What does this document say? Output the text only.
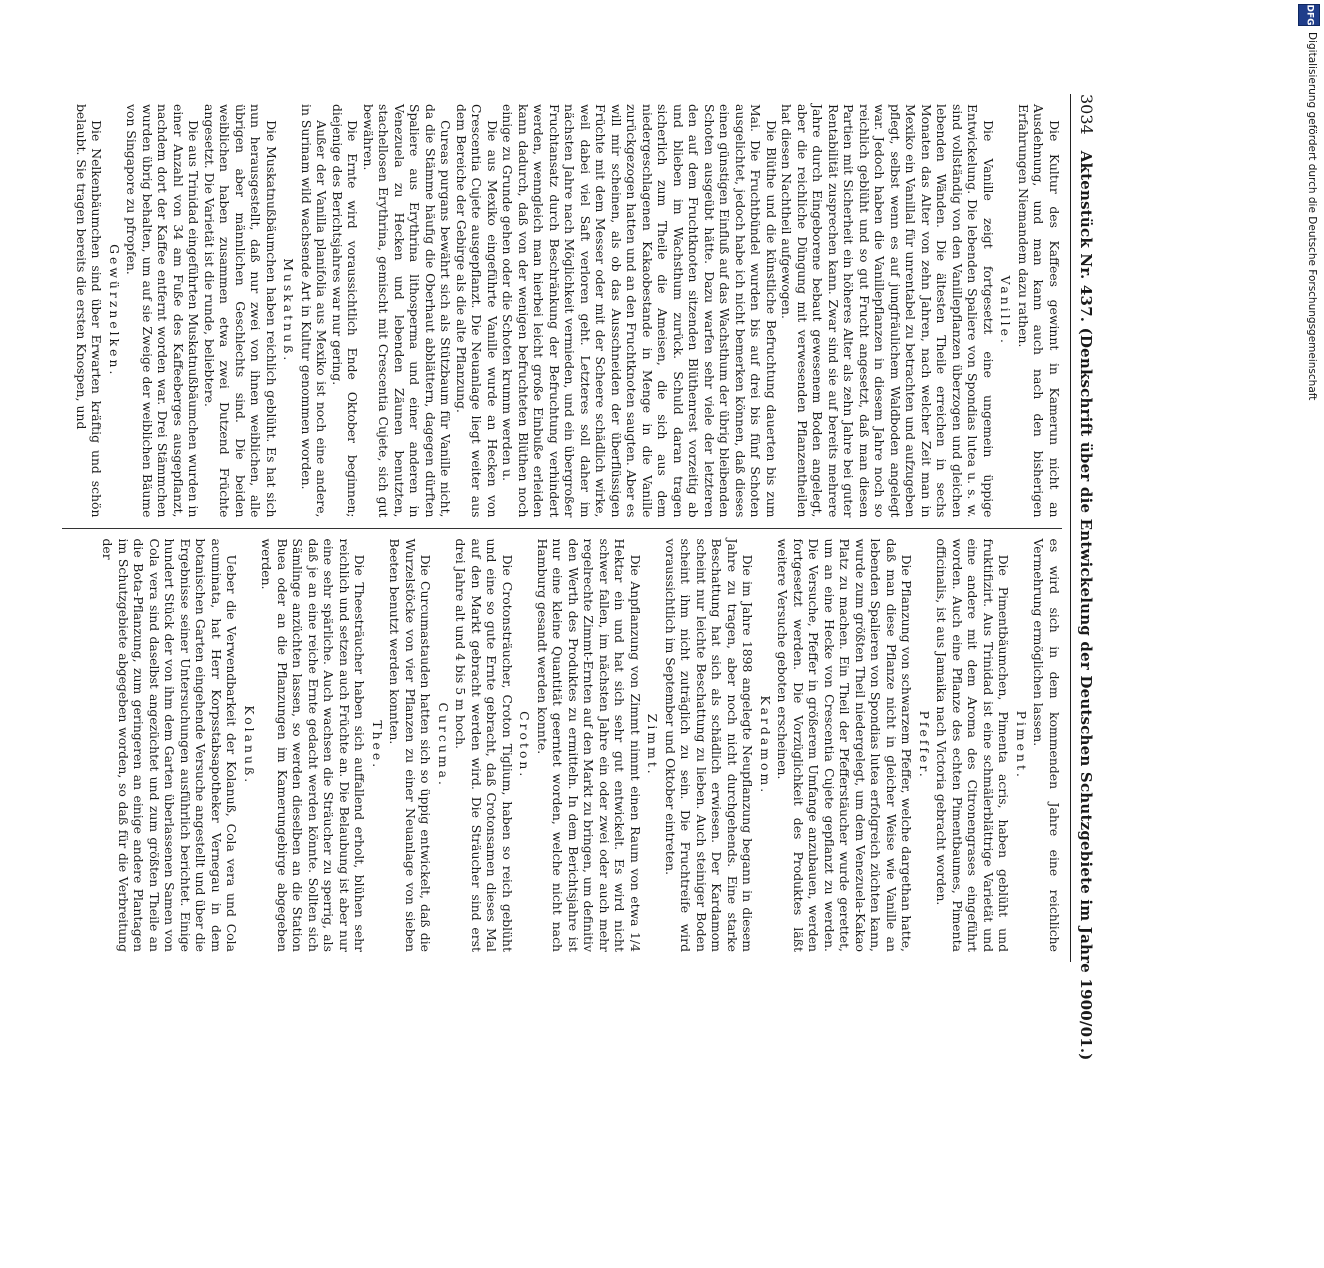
3034
Aktenstück Nr. 437. (Denkschrift über die Entwickelung der Deutschen Schutzgebiete im Jahre 1900/01.)

Die Kultur des Kaffees gewinnt in Kamerun nicht an Ausdehnung, und man kann auch nach den bisherigen Erfahrungen Niemandem dazu rathen.

Vanille.

Die Vanille zeigt fortgesetzt eine ungemein üppige Entwickelung. Die lebenden Spaliere von Spondias lutea u. s. w. sind vollständig von den Vanillepflanzen überzogen und gleichen lebenden Wänden. Die ältesten Theile erreichen in sechs Monaten das Alter von zehn Jahren, nach welcher Zeit man in Mexiko ein Vanillal für unrentabel zu betrachten und aufzugeben pflegt, selbst wenn es auf jungfräulichem Waldboden angelegt war. Jedoch haben die Vanillepflanzen in diesem Jahre noch so reichlich geblüht und so gut Frucht angesetzt, daß man diesen Partien mit Sicherheit ein höheres Alter als zehn Jahre bei guter Rentabilität zusprechen kann. Zwar sind sie auf bereits mehrere Jahre durch Eingeborene bebaut gewesenem Boden angelegt, aber die reichliche Düngung mit verwesenden Pflanzentheilen hat diesen Nachtheil aufgewogen.

Die Blüthe und die künstliche Befruchtung dauerten bis zum Mai. Die Fruchtbündel wurden bis auf drei bis fünf Schoten ausgelichtet, jedoch habe ich nicht bemerken können, daß dieses einen günstigen Einfluß auf das Wachsthum der übrig bleibenden Schoten ausgeübt hätte. Dazu warfen sehr viele der letzteren den auf dem Fruchtknoten sitzenden Blüthenrest vorzeitig ab und blieben im Wachsthum zurück. Schuld daran tragen sicherlich zum Theile die Ameisen, die sich aus dem niedergeschlagenen Kakaobestande in Menge in die Vanille zurückgezogen hatten und an den Fruchtknoten saugten. Aber es will mir scheinen, als ob das Ausschneiden der überflüssigen Früchte mit dem Messer oder mit der Scheere schädlich wirke, weil dabei viel Saft verloren geht. Letzteres soll daher im nächsten Jahre nach Möglichkeit vermieden, und ein übergroßer Fruchtansatz durch Beschränkung der Befruchtung verhindert werden, wenngleich man hierbei leicht große Einbuße erleiden kann dadurch, daß von der wenigen befruchteten Blüthen noch einige zu Grunde gehen oder die Schoten krumm werden u.

Die aus Mexiko eingeführte Vanille wurde an Hecken von Crescentia Cujete ausgepflanzt. Die Neuanlage liegt weiter aus dem Bereiche der Gebirge als die alte Pflanzung.

Cureas purgans bewährt sich als Stützbaum für Vanille nicht, da die Stämme häufig die Oberhaut abblättern, dagegen dürften Spaliere aus Erythrina lithosperma und einer anderen in Venezuela zu Hecken und lebenden Zäunen benutzten, stachellosen Erythrina, gemischt mit Crescentia Cujete, sich gut bewähren.

Die Ernte wird voraussichtlich Ende Oktober beginnen; diejenige des Berichtsjahres war nur gering.

Außer der Vanilla planifolia aus Mexiko ist noch eine andere, in Surinam wild wachsende Art in Kultur genommen worden.

Muskatnuß.

Die Muskatnußbäumchen haben reichlich geblüht. Es hat sich nun herausgestellt, daß nur zwei von ihnen weiblichen, alle übrigen aber männlichen Geschlechts sind. Die beiden weiblichen haben zusammen etwa zwei Dutzend Früchte angesetzt. Die Varietät ist die runde, beliebtere.

Die aus Trinidad eingeführten Muskatnußbäumchen wurden in einer Anzahl von 34 am Fuße des Kaffeeberges ausgepflanzt, nachdem dort der Kaffee entfernt worden war. Drei Stämmchen wurden übrig behalten, um auf sie Zweige der weiblichen Bäume von Singapore zu pfropfen.

Gewürznelken.

Die Nelkenbäumchen sind über Erwarten kräftig und schön belaubt. Sie tragen bereits die ersten Knospen, und

es wird sich in dem kommenden Jahre eine reichliche Vermehrung ermöglichen lassen.

Piment.

Die Pimentbäumchen, Pimenta acris, haben geblüht und fruktifizirt. Aus Trinidad ist eine schmälerblättrige Varietät und eine andere mit dem Aroma des Citronengrases eingeführt worden. Auch eine Pflanze des echten Pimentbaumes, Pimenta officinalis, ist aus Jamaika nach Victoria gebracht worden.

Pfeffer.

Die Pflanzung von schwarzem Pfeffer, welche dargethan hatte, daß man diese Pflanze nicht in gleicher Weise wie Vanille an lebenden Spalieren von Spondias lutea erfolgreich züchten kann, wurde zum größten Theil niedergelegt, um dem Venezuela-Kakao Platz zu machen. Ein Theil der Pfefferstäucher wurde gerettet, um an eine Hecke von Crescentia Cujete gepflanzt zu werden. Die Versuche, Pfeffer in größerem Umfange anzubauen, werden fortgesetzt werden. Die Vorzüglichkeit des Produktes läßt weitere Versuche geboten erscheinen.

Kardamom.

Die im Jahre 1898 angelegte Neupflanzung begann in diesem Jahre zu tragen, aber noch nicht durchgehends. Eine starke Beschattung hat sich als schädlich erwiesen. Der Kardamom scheint nur leichte Beschattung zu lieben. Auch steiniger Boden scheint ihm nicht zuträglich zu sein. Die Fruchtreife wird voraussichtlich im September und Oktober eintreten.

Zimmt.

Die Anpflanzung von Zimmt nimmt einen Raum von etwa 1/4 Hektar ein und hat sich sehr gut entwickelt. Es wird nicht schwer fallen, im nächsten Jahre ein oder zwei oder auch mehr regelrechte Zimmt-Ernten auf den Markt zu bringen, um definitiv den Werth des Produktes zu ermitteln. In dem Berichtsjahre ist nur eine kleine Quantität geerntet worden, welche nicht nach Hamburg gesandt werden konnte.

Croton.

Die Crotonsträucher, Croton Tiglium, haben so reich geblüht und eine so gute Ernte gebracht, daß Crotonsamen dieses Mal auf den Markt gebracht werden wird. Die Sträucher sind erst drei Jahre alt und 4 bis 5 m hoch.

Curcuma.

Die Curcumastauden hatten sich so üppig entwickelt, daß die Wurzelstöcke von vier Pflanzen zu einer Neuanlage von sieben Beeten benutzt werden konnten.

Thee.

Die Theesträucher haben sich auffallend erholt, blühen sehr reichlich und setzen auch Früchte an. Die Belaubung ist aber nur eine sehr spärliche. Auch wachsen die Sträucher zu sperrig, als daß je an eine reiche Ernte gedacht werden könnte. Sollten sich Sämlinge anzüchten lassen, so werden dieselben an die Station Buea oder an die Pflanzungen im Kamerungebirge abgegeben werden.

Kolanuß.

Ueber die Verwendbarkeit der Kolanuß, Cola vera und Cola acuminata, hat Herr Korpsstabsapotheker Vernegau in dem botanischen Garten eingehende Versuche angestellt und über die Ergebnisse seiner Untersuchungen ausführlich berichtet. Einige hundert Stück der von ihm dem Garten überlassenen Samen von Cola vera sind daselbst angezüchtet und zum größten Theile an die Bota-Pflanzung, zum geringeren an einige andere Plantagen im Schutzgebiete abgegeben worden, so daß für die Verbreitung der

DFG
Digitalisierung gefördert durch die Deutsche Forschungsgemeinschaft
